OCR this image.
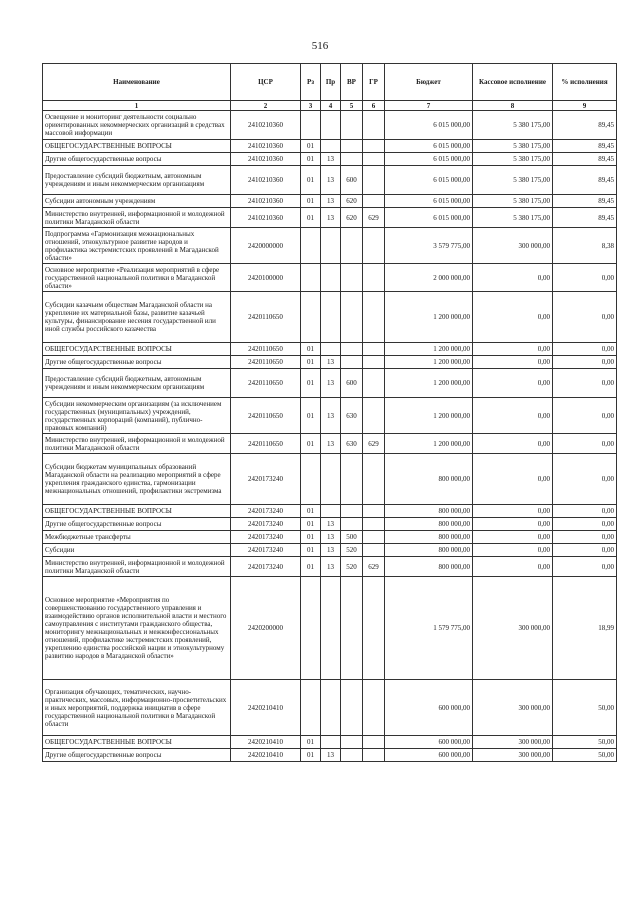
516
Наименование	ЦСР	Рз	Пр	ВР	ГР	Бюджет	Кассовое исполнение	% исполнения
1	2	3	4	5	6	7	8	9
Освещение и мониторинг деятельности социально ориентированных некоммерческих организаций в средствах массовой информации	2410210360					6 015 000,00	5 380 175,00	89,45
ОБЩЕГОСУДАРСТВЕННЫЕ ВОПРОСЫ	2410210360	01				6 015 000,00	5 380 175,00	89,45
Другие общегосударственные вопросы	2410210360	01	13			6 015 000,00	5 380 175,00	89,45
Предоставление субсидий бюджетным, автономным учреждениям и иным некоммерческим организациям	2410210360	01	13	600		6 015 000,00	5 380 175,00	89,45
Субсидии автономным учреждениям	2410210360	01	13	620		6 015 000,00	5 380 175,00	89,45
Министерство внутренней, информационной и молодежной политики Магаданской области	2410210360	01	13	620	629	6 015 000,00	5 380 175,00	89,45
Подпрограмма «Гармонизация межнациональных отношений, этнокультурное развитие народов и профилактика экстремистских проявлений в Магаданской области»	2420000000					3 579 775,00	300 000,00	8,38
Основное мероприятие «Реализация мероприятий в сфере государственной национальной политики в Магаданской области»	2420100000					2 000 000,00	0,00	0,00
Субсидии казачьим обществам Магаданской области на укрепление их материальной базы, развитие казачьей культуры, финансирование несения государственной или иной службы российского казачества	2420110650					1 200 000,00	0,00	0,00
ОБЩЕГОСУДАРСТВЕННЫЕ ВОПРОСЫ	2420110650	01				1 200 000,00	0,00	0,00
Другие общегосударственные вопросы	2420110650	01	13			1 200 000,00	0,00	0,00
Предоставление субсидий бюджетным, автономным учреждениям и иным некоммерческим организациям	2420110650	01	13	600		1 200 000,00	0,00	0,00
Субсидии некоммерческим организациям (за исключением государственных (муниципальных) учреждений, государственных корпораций (компаний), публично-правовых компаний)	2420110650	01	13	630		1 200 000,00	0,00	0,00
Министерство внутренней, информационной и молодежной политики Магаданской области	2420110650	01	13	630	629	1 200 000,00	0,00	0,00
Субсидии бюджетам муниципальных образований Магаданской области на реализацию мероприятий в сфере укрепления гражданского единства, гармонизации межнациональных отношений, профилактики экстремизма	2420173240					800 000,00	0,00	0,00
ОБЩЕГОСУДАРСТВЕННЫЕ ВОПРОСЫ	2420173240	01				800 000,00	0,00	0,00
Другие общегосударственные вопросы	2420173240	01	13			800 000,00	0,00	0,00
Межбюджетные трансферты	2420173240	01	13	500		800 000,00	0,00	0,00
Субсидии	2420173240	01	13	520		800 000,00	0,00	0,00
Министерство внутренней, информационной и молодежной политики Магаданской области	2420173240	01	13	520	629	800 000,00	0,00	0,00
Основное мероприятие «Мероприятия по совершенствованию государственного управления и взаимодействию органов исполнительной власти и местного самоуправления с институтами гражданского общества, мониторингу межнациональных и межконфессиональных отношений, профилактике экстремистских проявлений, укреплению единства российской нации и этнокультурному развитию народов в Магаданской области»	2420200000					1 579 775,00	300 000,00	18,99
Организация обучающих, тематических, научно-практических, массовых, информационно-просветительских и иных мероприятий, поддержка инициатив в сфере государственной национальной политики в Магаданской области	2420210410					600 000,00	300 000,00	50,00
ОБЩЕГОСУДАРСТВЕННЫЕ ВОПРОСЫ	2420210410	01				600 000,00	300 000,00	50,00
Другие общегосударственные вопросы	2420210410	01	13			600 000,00	300 000,00	50,00
